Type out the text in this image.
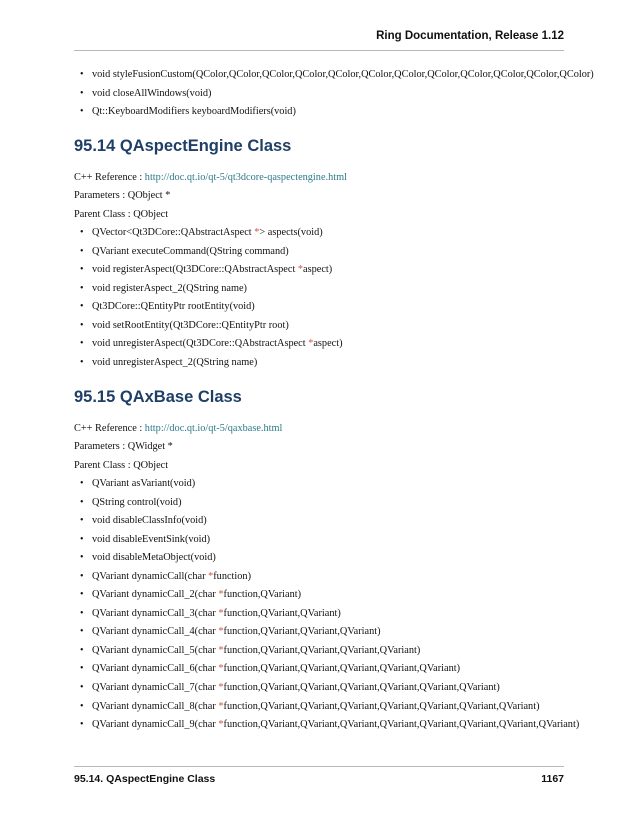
Ring Documentation, Release 1.12
• void styleFusionCustom(QColor,QColor,QColor,QColor,QColor,QColor,QColor,QColor,QColor,QColor,QColor,QColor)
• void closeAllWindows(void)
• Qt::KeyboardModifiers keyboardModifiers(void)
95.14 QAspectEngine Class
C++ Reference : http://doc.qt.io/qt-5/qt3dcore-qaspectengine.html
Parameters : QObject *
Parent Class : QObject
• QVector<Qt3DCore::QAbstractAspect *> aspects(void)
• QVariant executeCommand(QString command)
• void registerAspect(Qt3DCore::QAbstractAspect *aspect)
• void registerAspect_2(QString name)
• Qt3DCore::QEntityPtr rootEntity(void)
• void setRootEntity(Qt3DCore::QEntityPtr root)
• void unregisterAspect(Qt3DCore::QAbstractAspect *aspect)
• void unregisterAspect_2(QString name)
95.15 QAxBase Class
C++ Reference : http://doc.qt.io/qt-5/qaxbase.html
Parameters : QWidget *
Parent Class : QObject
• QVariant asVariant(void)
• QString control(void)
• void disableClassInfo(void)
• void disableEventSink(void)
• void disableMetaObject(void)
• QVariant dynamicCall(char *function)
• QVariant dynamicCall_2(char *function,QVariant)
• QVariant dynamicCall_3(char *function,QVariant,QVariant)
• QVariant dynamicCall_4(char *function,QVariant,QVariant,QVariant)
• QVariant dynamicCall_5(char *function,QVariant,QVariant,QVariant,QVariant)
• QVariant dynamicCall_6(char *function,QVariant,QVariant,QVariant,QVariant,QVariant)
• QVariant dynamicCall_7(char *function,QVariant,QVariant,QVariant,QVariant,QVariant,QVariant)
• QVariant dynamicCall_8(char *function,QVariant,QVariant,QVariant,QVariant,QVariant,QVariant,QVariant)
• QVariant dynamicCall_9(char *function,QVariant,QVariant,QVariant,QVariant,QVariant,QVariant,QVariant,QVariant)
95.14. QAspectEngine Class	1167
